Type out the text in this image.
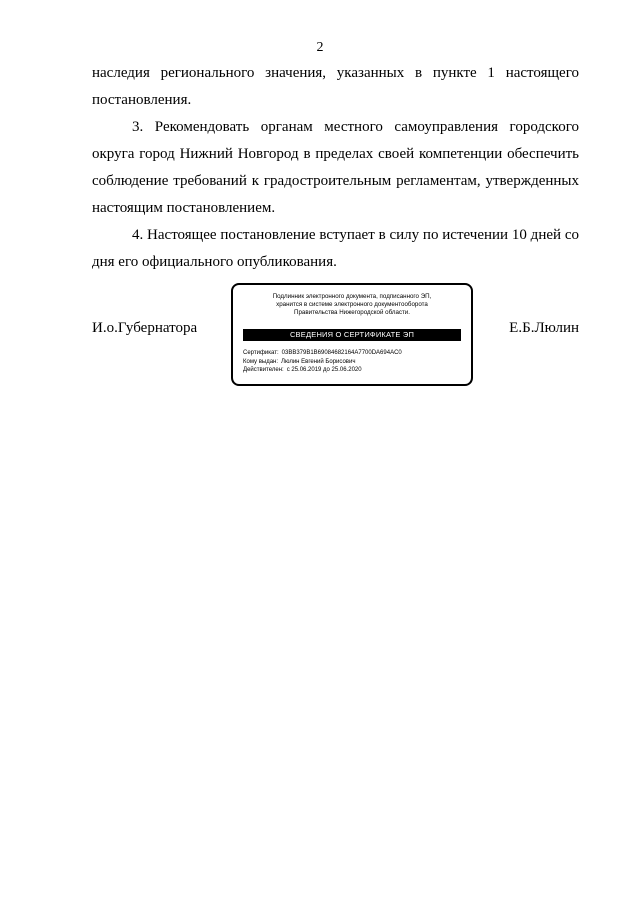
2

наследия регионального значения, указанных в пункте 1 настоящего постановления.

3. Рекомендовать органам местного самоуправления городского округа город Нижний Новгород в пределах своей компетенции обеспечить соблюдение требований к градостроительным регламентам, утвержденных настоящим постановлением.

4. Настоящее постановление вступает в силу по истечении 10 дней со дня его официального опубликования.

И.о.Губернатора	Е.Б.Люлин
Подлинник электронного документа, подписанного ЭП,
хранится в системе электронного документооборота
Правительства Нижегородской области.
СВЕДЕНИЯ О СЕРТИФИКАТЕ ЭП
Сертификат: 03BB379B1B69084682164A7700DA694AC0
Кому выдан: Люлин Евгений Борисович
Действителен: с 25.06.2019 до 25.06.2020
